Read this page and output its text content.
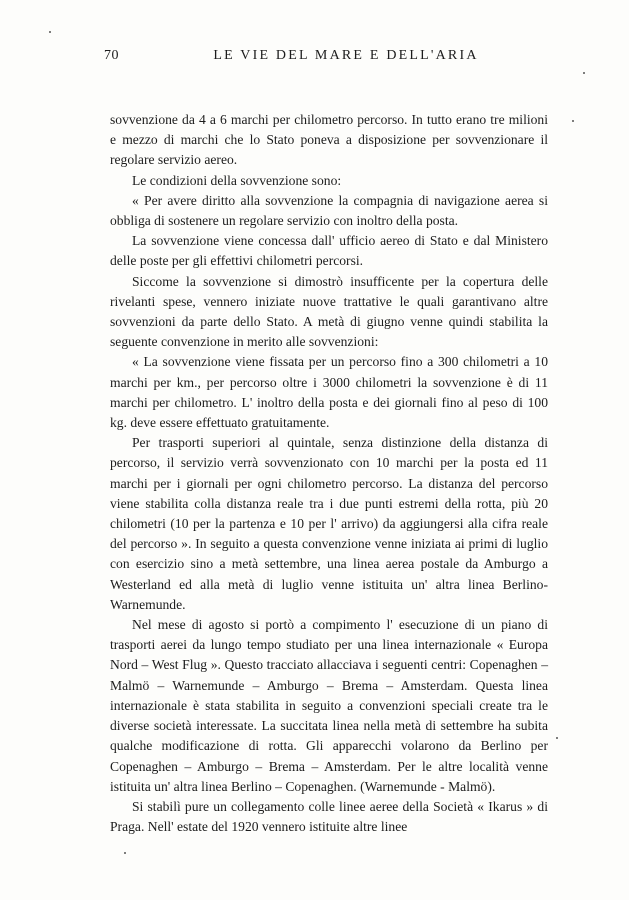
70	LE VIE DEL MARE E DELL'ARIA

sovvenzione da 4 a 6 marchi per chilometro percorso. In tutto erano tre milioni e mezzo di marchi che lo Stato poneva a disposizione per sovvenzionare il regolare servizio aereo.

Le condizioni della sovvenzione sono:

« Per avere diritto alla sovvenzione la compagnia di navigazione aerea si obbliga di sostenere un regolare servizio con inoltro della posta.

La sovvenzione viene concessa dall' ufficio aereo di Stato e dal Ministero delle poste per gli effettivi chilometri percorsi.

Siccome la sovvenzione si dimostrò insufficente per la copertura delle rivelanti spese, vennero iniziate nuove trattative le quali garantivano altre sovvenzioni da parte dello Stato. A metà di giugno venne quindi stabilita la seguente convenzione in merito alle sovvenzioni:

« La sovvenzione viene fissata per un percorso fino a 300 chilometri a 10 marchi per km., per percorso oltre i 3000 chilometri la sovvenzione è di 11 marchi per chilometro. L' inoltro della posta e dei giornali fino al peso di 100 kg. deve essere effettuato gratuitamente.

Per trasporti superiori al quintale, senza distinzione della distanza di percorso, il servizio verrà sovvenzionato con 10 marchi per la posta ed 11 marchi per i giornali per ogni chilometro percorso. La distanza del percorso viene stabilita colla distanza reale tra i due punti estremi della rotta, più 20 chilometri (10 per la partenza e 10 per l' arrivo) da aggiungersi alla cifra reale del percorso ». In seguito a questa convenzione venne iniziata ai primi di luglio con esercizio sino a metà settembre, una linea aerea postale da Amburgo a Westerland ed alla metà di luglio venne istituita un' altra linea Berlino-Warnemunde.

Nel mese di agosto si portò a compimento l' esecuzione di un piano di trasporti aerei da lungo tempo studiato per una linea internazionale « Europa Nord – West Flug ». Questo tracciato allacciava i seguenti centri: Copenaghen – Malmö – Warnemunde – Amburgo – Brema – Amsterdam. Questa linea internazionale è stata stabilita in seguito a convenzioni speciali create tra le diverse società interessate. La succitata linea nella metà di settembre ha subita qualche modificazione di rotta. Gli apparecchi volarono da Berlino per Copenaghen – Amburgo – Brema – Amsterdam. Per le altre località venne istituita un' altra linea Berlino – Copenaghen. (Warnemunde - Malmö).

Si stabilì pure un collegamento colle linee aeree della Società « Ikarus » di Praga. Nell' estate del 1920 vennero istituite altre linee
